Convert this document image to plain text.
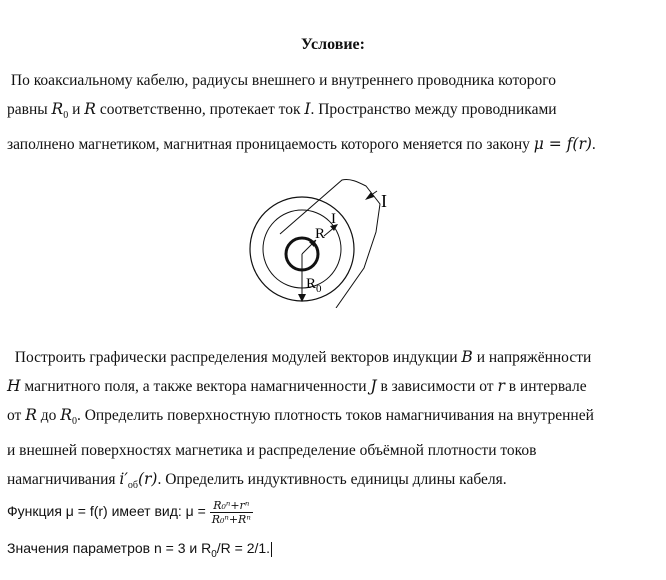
Условие:
По коаксиальному кабелю, радиусы внешнего и внутреннего проводника которого
равны $R_0$ и R соответственно, протекает ток I. Пространство между проводниками
заполнено магнетиком, магнитная проницаемость которого меняется по закону μ = f(r).
I
I
R
$R_0$
Построить графически распределения модулей векторов индукции B и напряжённости
H магнитного поля, а также вектора намагниченности J в зависимости от r в интервале
от R до $R_0$. Определить поверхностную плотность токов намагничивания на внутренней
и внешней поверхностях магнетика и распределение объёмной плотности токов
намагничивания $i'_{об}(r)$. Определить индуктивность единицы длины кабеля.
Функция μ = f(r) имеет вид: $\mu = \frac{\text{R₀ⁿ+rⁿ}}{\text{R₀ⁿ+Rⁿ}}$
Значения параметров n = 3 и $R_0/R = 2/1$.
